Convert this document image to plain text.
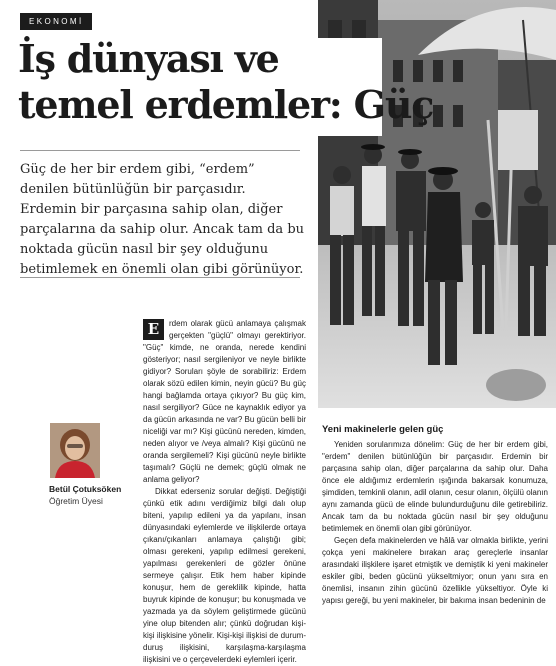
EKONOMİ
İş dünyası ve
temel erdemler: Güç

Güç de her bir erdem gibi, “erdem” denilen bütünlüğün bir parçasıdır. Erdemin bir parçasına sahip olan, diğer parçalarına da sahip olur. Ancak tam da bu noktada gücün nasıl bir şey olduğunu betimlemek en önemli olan gibi görünüyor.

Betül Çotuksöken
Öğretim Üyesi

E	rdem olarak gücü anlamaya çalışmak gerçekten "güçlü" olmayı gerektiriyor. "Güç" kimde, ne oranda, nerede kendini gösteriyor; nasıl sergileniyor ve neyle birlikte gidiyor? Soruları şöyle de sorabiliriz: Erdem olarak sözü edilen kimin, neyin gücü? Bu güç hangi bağlamda ortaya çıkıyor? Bu güç kim, nasıl sergiliyor? Güce ne kaynaklık ediyor ya da gücün arkasında ne var? Bu gücün belli bir niceliği var mı? Kişi gücünü nereden, kimden, neden alıyor ve /veya almalı? Kişi gücünü ne oranda sergilemeli? Kişi gücünü neyle birlikte taşımalı? Güçlü ne demek; güçlü olmak ne anlama geliyor?

Dikkat ederseniz sorular değişti. Değiştiği çünkü etik adını verdiğimiz bilgi dalı olup biteni, yapılıp edileni ya da yapılanı, insan dünyasındaki eylemlerde ve ilişkilerde ortaya çıkanı/çıkanları anlamaya çalıştığı gibi; olması gerekeni, yapılıp edilmesi gerekeni, yapılması gerekenleri de gözler önüne sermeye çalışır. Etik hem haber kipinde konuşur, hem de gereklilik kipinde, hatta buyruk kipinde de konuşur; bu konuşmada ve yazmada ya da söylem geliştirmede gücünü yine olup bitenden alır; çünkü doğrudan kişi-kişi ilişkisine yönelir. Kişi-kişi ilişkisi de durum-duruş ilişkisini, karşılaşma-karşılaşma ilişkisini ve o çerçevelerdeki eylemleri içerir.

Yeni makinelerle gelen güç

Yeniden sorularımıza dönelim: Güç de her bir erdem gibi, "erdem" denilen bütünlüğün bir parçasıdır. Erdemin bir parçasına sahip olan, diğer parçalarına da sahip olur. Daha önce ele aldığımız erdemlerin ışığında bakarsak konumuza, şimdiden, temkinli olanın, adil olanın, cesur olanın, ölçülü olanın aynı zamanda gücü de elinde bulundurduğunu dile getirebiliriz. Ancak tam da bu noktada gücün nasıl bir şey olduğunu betimlemek en önemli olan gibi görünüyor.

Geçen defa makinelerden ve hâlâ var olmakla birlikte, yerini çokça yeni makinelere bırakan araç gereçlerle insanlar arasındaki ilişkilere işaret etmiştik ve demiştik ki yeni makineler eskiler gibi, beden gücünü yükseltmiyor; onun yanı sıra en önemlisi, insanın zihin gücünü özellikle yükseltiyor. Öyle ki yapısı gereği, bu yeni makineler, bir bakıma insan bedeninin de
